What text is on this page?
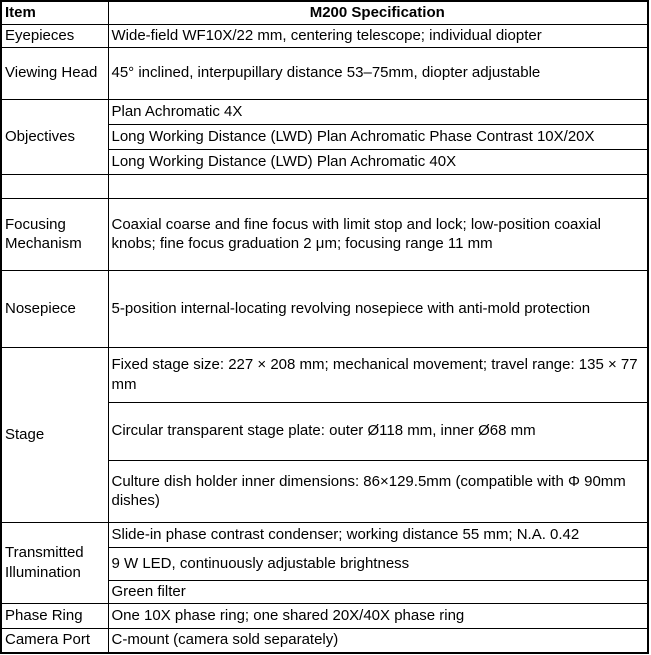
Item	M200 Specification
Eyepieces	Wide-field WF10X/22 mm, centering telescope; individual diopter
Viewing Head	45° inclined, interpupillary distance 53–75mm, diopter adjustable
Objectives	Plan Achromatic 4X
	Long Working Distance (LWD) Plan Achromatic Phase Contrast 10X/20X
	Long Working Distance (LWD) Plan Achromatic 40X

Focusing Mechanism	Coaxial coarse and fine focus with limit stop and lock; low-position coaxial knobs; fine focus graduation 2 μm; focusing range 11 mm
Nosepiece	5-position internal-locating revolving nosepiece with anti-mold protection
Stage	Fixed stage size: 227 × 208 mm; mechanical movement; travel range: 135 × 77 mm
	Circular transparent stage plate: outer Ø118 mm, inner Ø68 mm
	Culture dish holder inner dimensions: 86×129.5mm (compatible with Φ 90mm dishes)
Transmitted Illumination	Slide-in phase contrast condenser; working distance 55 mm; N.A. 0.42
	9 W LED, continuously adjustable brightness
	Green filter
Phase Ring	One 10X phase ring; one shared 20X/40X phase ring
Camera Port	C-mount (camera sold separately)
